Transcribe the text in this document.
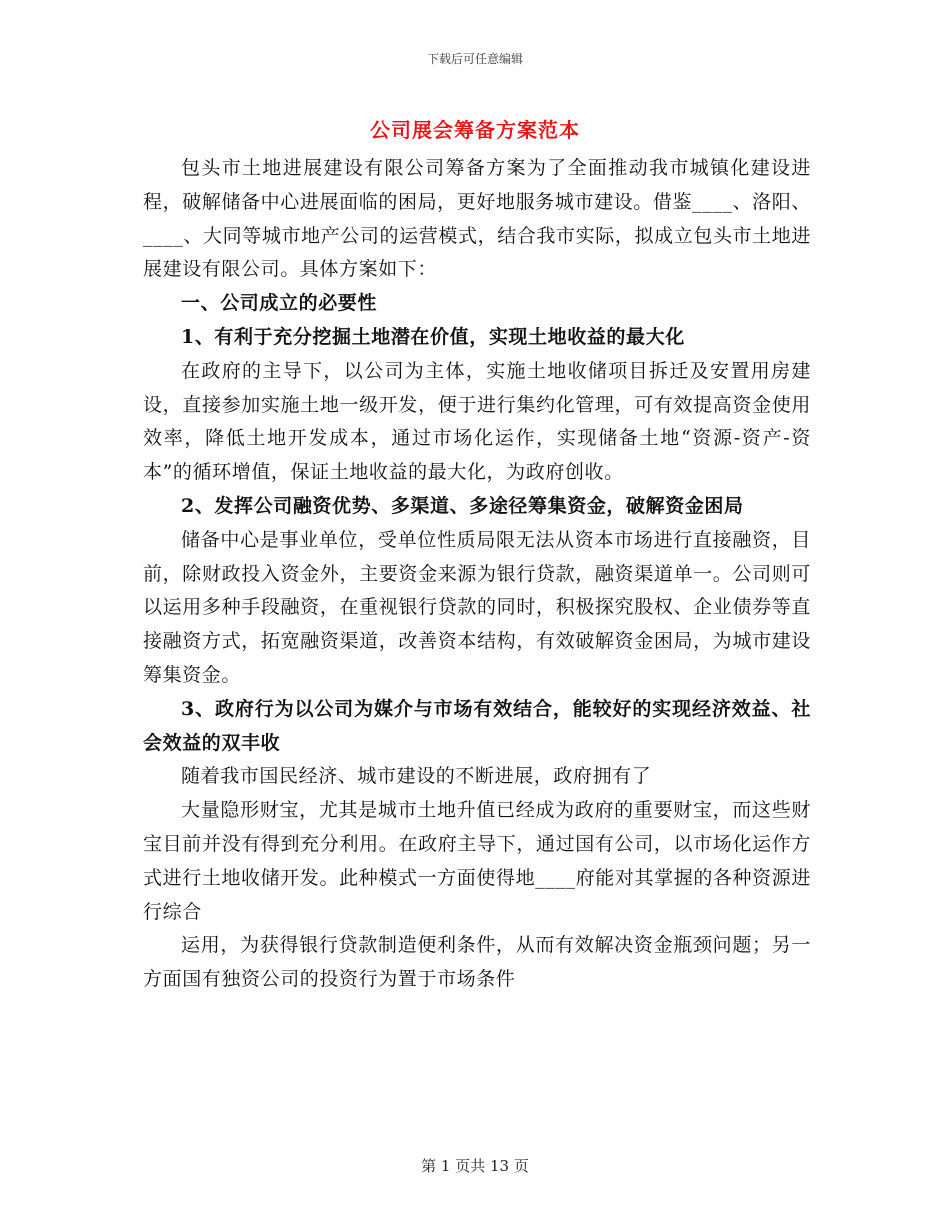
下载后可任意编辑
公司展会筹备方案范本

包头市土地进展建设有限公司筹备方案为了全面推动我市城镇化建设进程，破解储备中心进展面临的困局，更好地服务城市建设。借鉴____、洛阳、____、大同等城市地产公司的运营模式，结合我市实际，拟成立包头市土地进展建设有限公司。具体方案如下：

一、公司成立的必要性

1、有利于充分挖掘土地潜在价值，实现土地收益的最大化

在政府的主导下，以公司为主体，实施土地收储项目拆迁及安置用房建设，直接参加实施土地一级开发，便于进行集约化管理，可有效提高资金使用效率，降低土地开发成本，通过市场化运作，实现储备土地“资源-资产-资本”的循环增值，保证土地收益的最大化，为政府创收。

2、发挥公司融资优势、多渠道、多途径筹集资金，破解资金困局

储备中心是事业单位，受单位性质局限无法从资本市场进行直接融资，目前，除财政投入资金外，主要资金来源为银行贷款，融资渠道单一。公司则可以运用多种手段融资，在重视银行贷款的同时，积极探究股权、企业债券等直接融资方式，拓宽融资渠道，改善资本结构，有效破解资金困局，为城市建设筹集资金。

3、政府行为以公司为媒介与市场有效结合，能较好的实现经济效益、社会效益的双丰收

随着我市国民经济、城市建设的不断进展，政府拥有了

大量隐形财宝，尤其是城市土地升值已经成为政府的重要财宝，而这些财宝目前并没有得到充分利用。在政府主导下，通过国有公司，以市场化运作方式进行土地收储开发。此种模式一方面使得地____府能对其掌握的各种资源进行综合

运用，为获得银行贷款制造便利条件，从而有效解决资金瓶颈问题；另一方面国有独资公司的投资行为置于市场条件

第 1 页共 13 页
